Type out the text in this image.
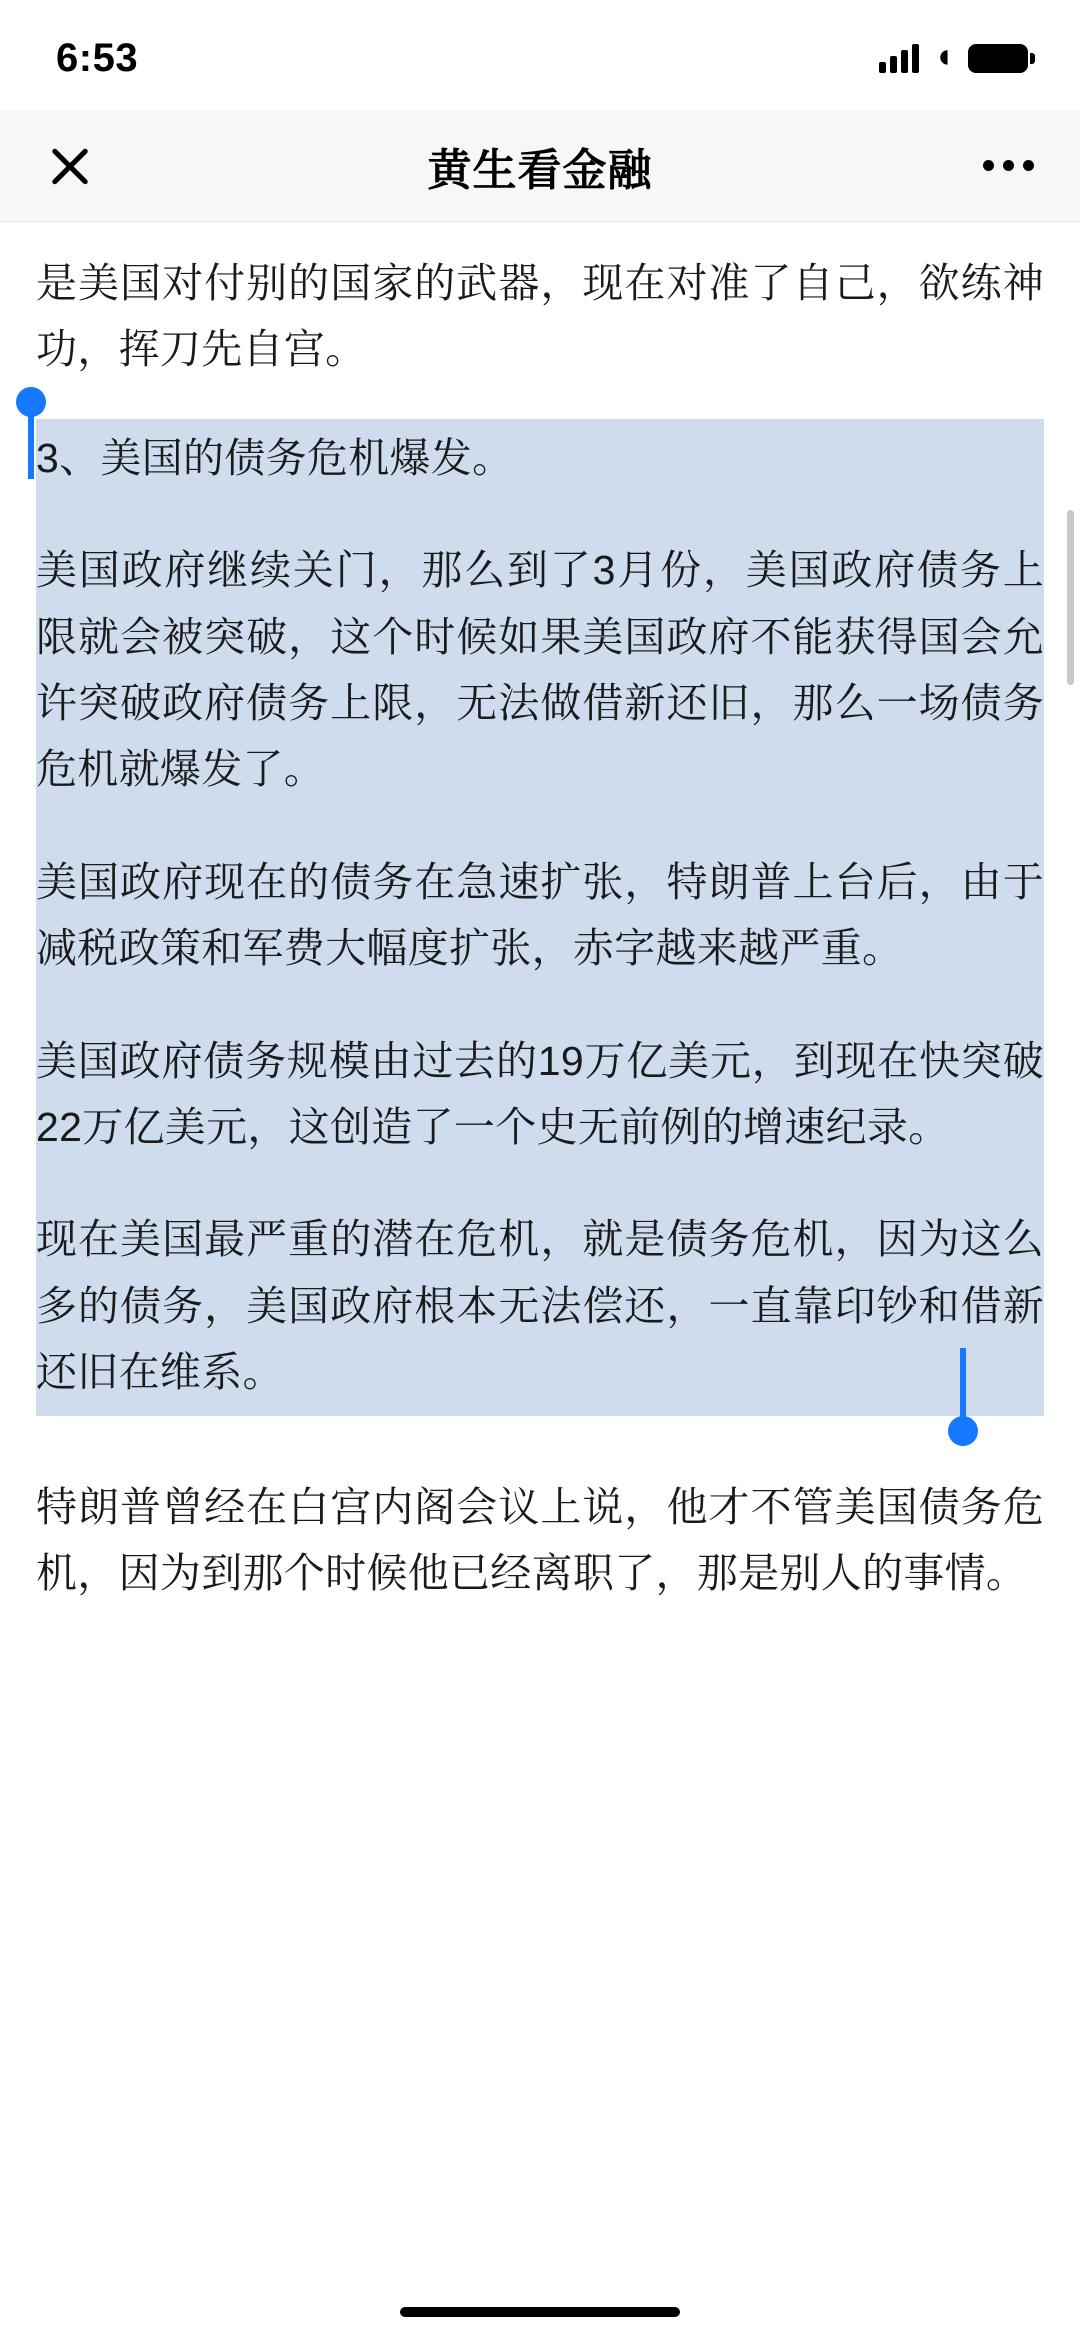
6:53	◖
黄生看金融

是美国对付别的国家的武器，现在对准了自己，欲练神功，挥刀先自宫。

3、美国的债务危机爆发。

美国政府继续关门，那么到了3月份，美国政府债务上限就会被突破，这个时候如果美国政府不能获得国会允许突破政府债务上限，无法做借新还旧，那么一场债务危机就爆发了。

美国政府现在的债务在急速扩张，特朗普上台后，由于减税政策和军费大幅度扩张，赤字越来越严重。

美国政府债务规模由过去的19万亿美元，到现在快突破22万亿美元，这创造了一个史无前例的增速纪录。

现在美国最严重的潜在危机，就是债务危机，因为这么多的债务，美国政府根本无法偿还，一直靠印钞和借新还旧在维系。

特朗普曾经在白宫内阁会议上说，他才不管美国债务危机，因为到那个时候他已经离职了，那是别人的事情。
